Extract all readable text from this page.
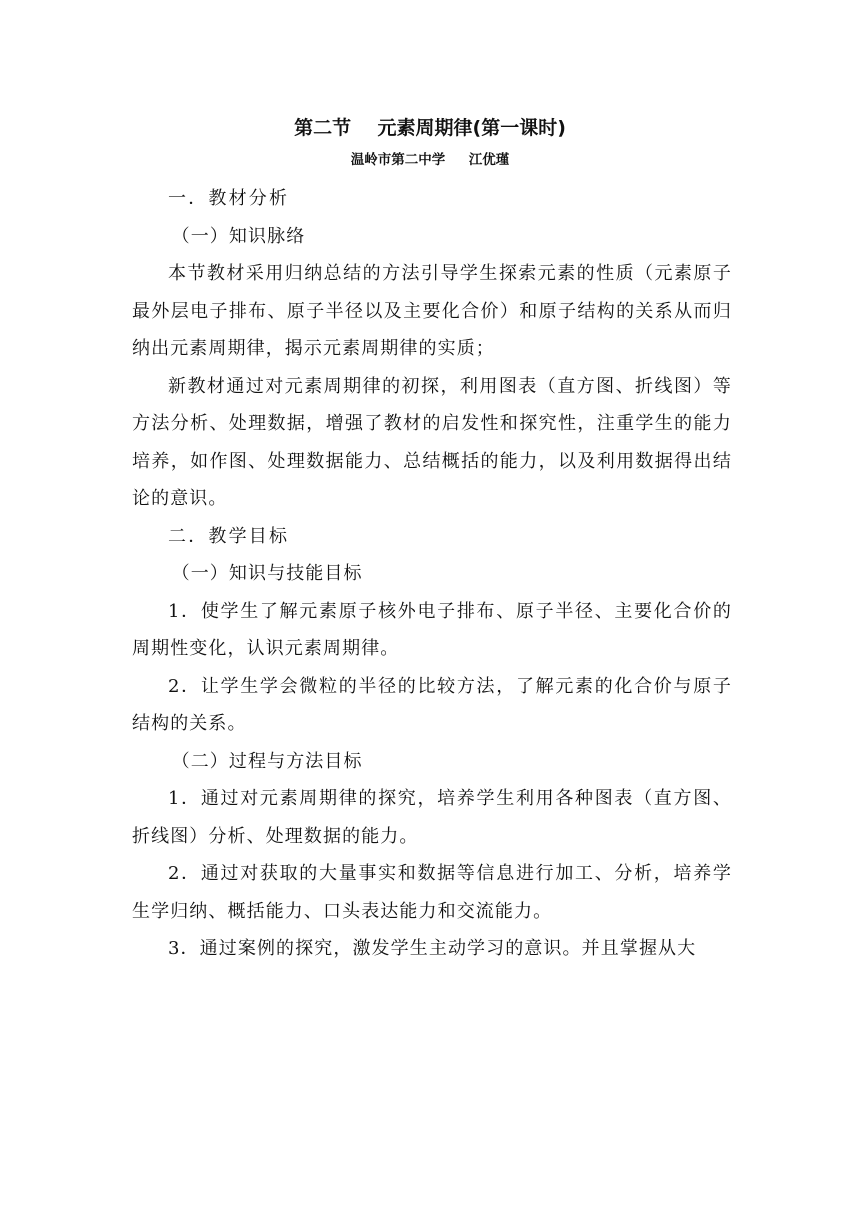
第二节    元素周期律(第一课时)
温岭市第二中学     江优瑾

一．教材分析

（一）知识脉络

本节教材采用归纳总结的方法引导学生探索元素的性质（元素原子最外层电子排布、原子半径以及主要化合价）和原子结构的关系从而归纳出元素周期律，揭示元素周期律的实质；

新教材通过对元素周期律的初探，利用图表（直方图、折线图）等方法分析、处理数据，增强了教材的启发性和探究性，注重学生的能力培养，如作图、处理数据能力、总结概括的能力，以及利用数据得出结论的意识。

二．教学目标

（一）知识与技能目标

1．使学生了解元素原子核外电子排布、原子半径、主要化合价的周期性变化，认识元素周期律。

2．让学生学会微粒的半径的比较方法，了解元素的化合价与原子结构的关系。

（二）过程与方法目标

1．通过对元素周期律的探究，培养学生利用各种图表（直方图、折线图）分析、处理数据的能力。

2．通过对获取的大量事实和数据等信息进行加工、分析，培养学生学归纳、概括能力、口头表达能力和交流能力。

3．通过案例的探究，激发学生主动学习的意识。并且掌握从大
